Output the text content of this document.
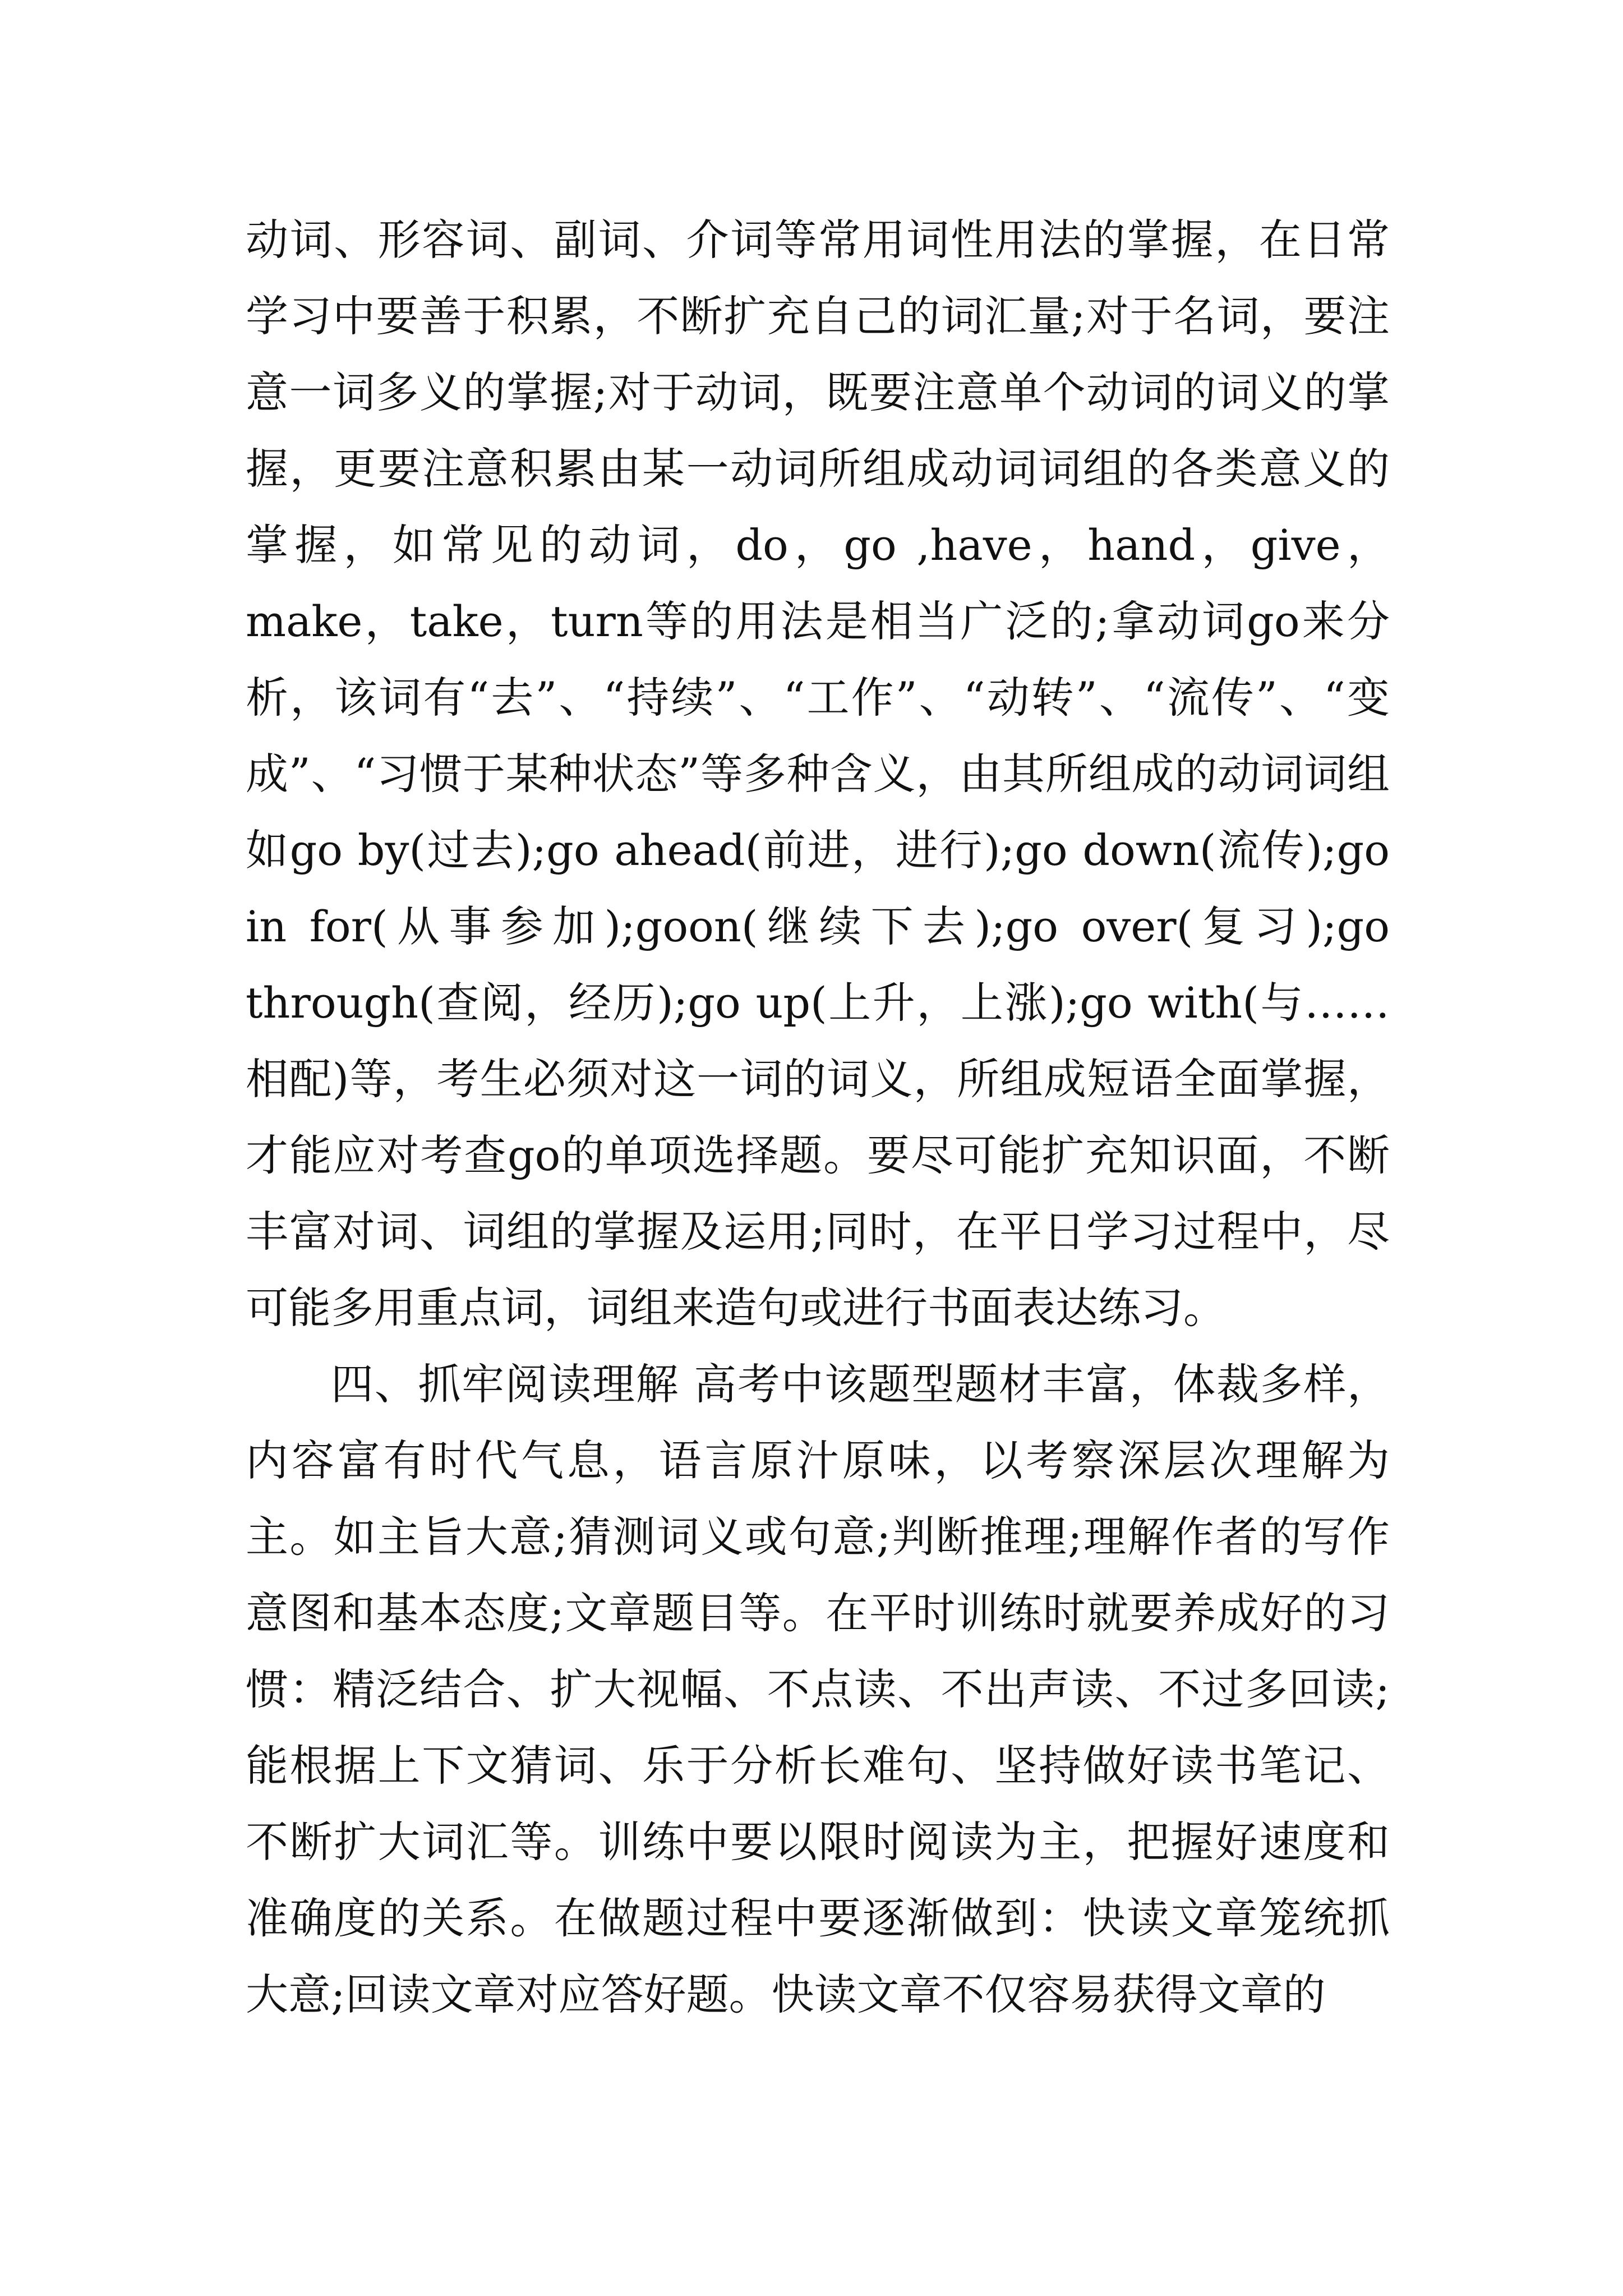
动词、形容词、副词、介词等常用词性用法的掌握，在日常学习中要善于积累，不断扩充自己的词汇量;对于名词，要注意一词多义的掌握;对于动词，既要注意单个动词的词义的掌握，更要注意积累由某一动词所组成动词词组的各类意义的掌握，如常见的动词，do，go ,have，hand，give，make，take，turn等的用法是相当广泛的;拿动词go来分析，该词有“去”、“持续”、“工作”、“动转”、“流传”、“变成”、“习惯于某种状态”等多种含义，由其所组成的动词词组如go by(过去);go ahead(前进，进行);go down(流传);go in for(从事参加);goon(继续下去);go over(复习);go through(查阅，经历);go up(上升，上涨);go with(与……相配)等，考生必须对这一词的词义，所组成短语全面掌握，才能应对考查go的单项选择题。要尽可能扩充知识面，不断丰富对词、词组的掌握及运用;同时，在平日学习过程中，尽可能多用重点词，词组来造句或进行书面表达练习。

四、抓牢阅读理解 高考中该题型题材丰富，体裁多样，内容富有时代气息，语言原汁原味，以考察深层次理解为主。如主旨大意;猜测词义或句意;判断推理;理解作者的写作意图和基本态度;文章题目等。在平时训练时就要养成好的习惯：精泛结合、扩大视幅、不点读、不出声读、不过多回读;能根据上下文猜词、乐于分析长难句、坚持做好读书笔记、不断扩大词汇等。训练中要以限时阅读为主，把握好速度和准确度的关系。在做题过程中要逐渐做到：快读文章笼统抓大意;回读文章对应答好题。快读文章不仅容易获得文章的
